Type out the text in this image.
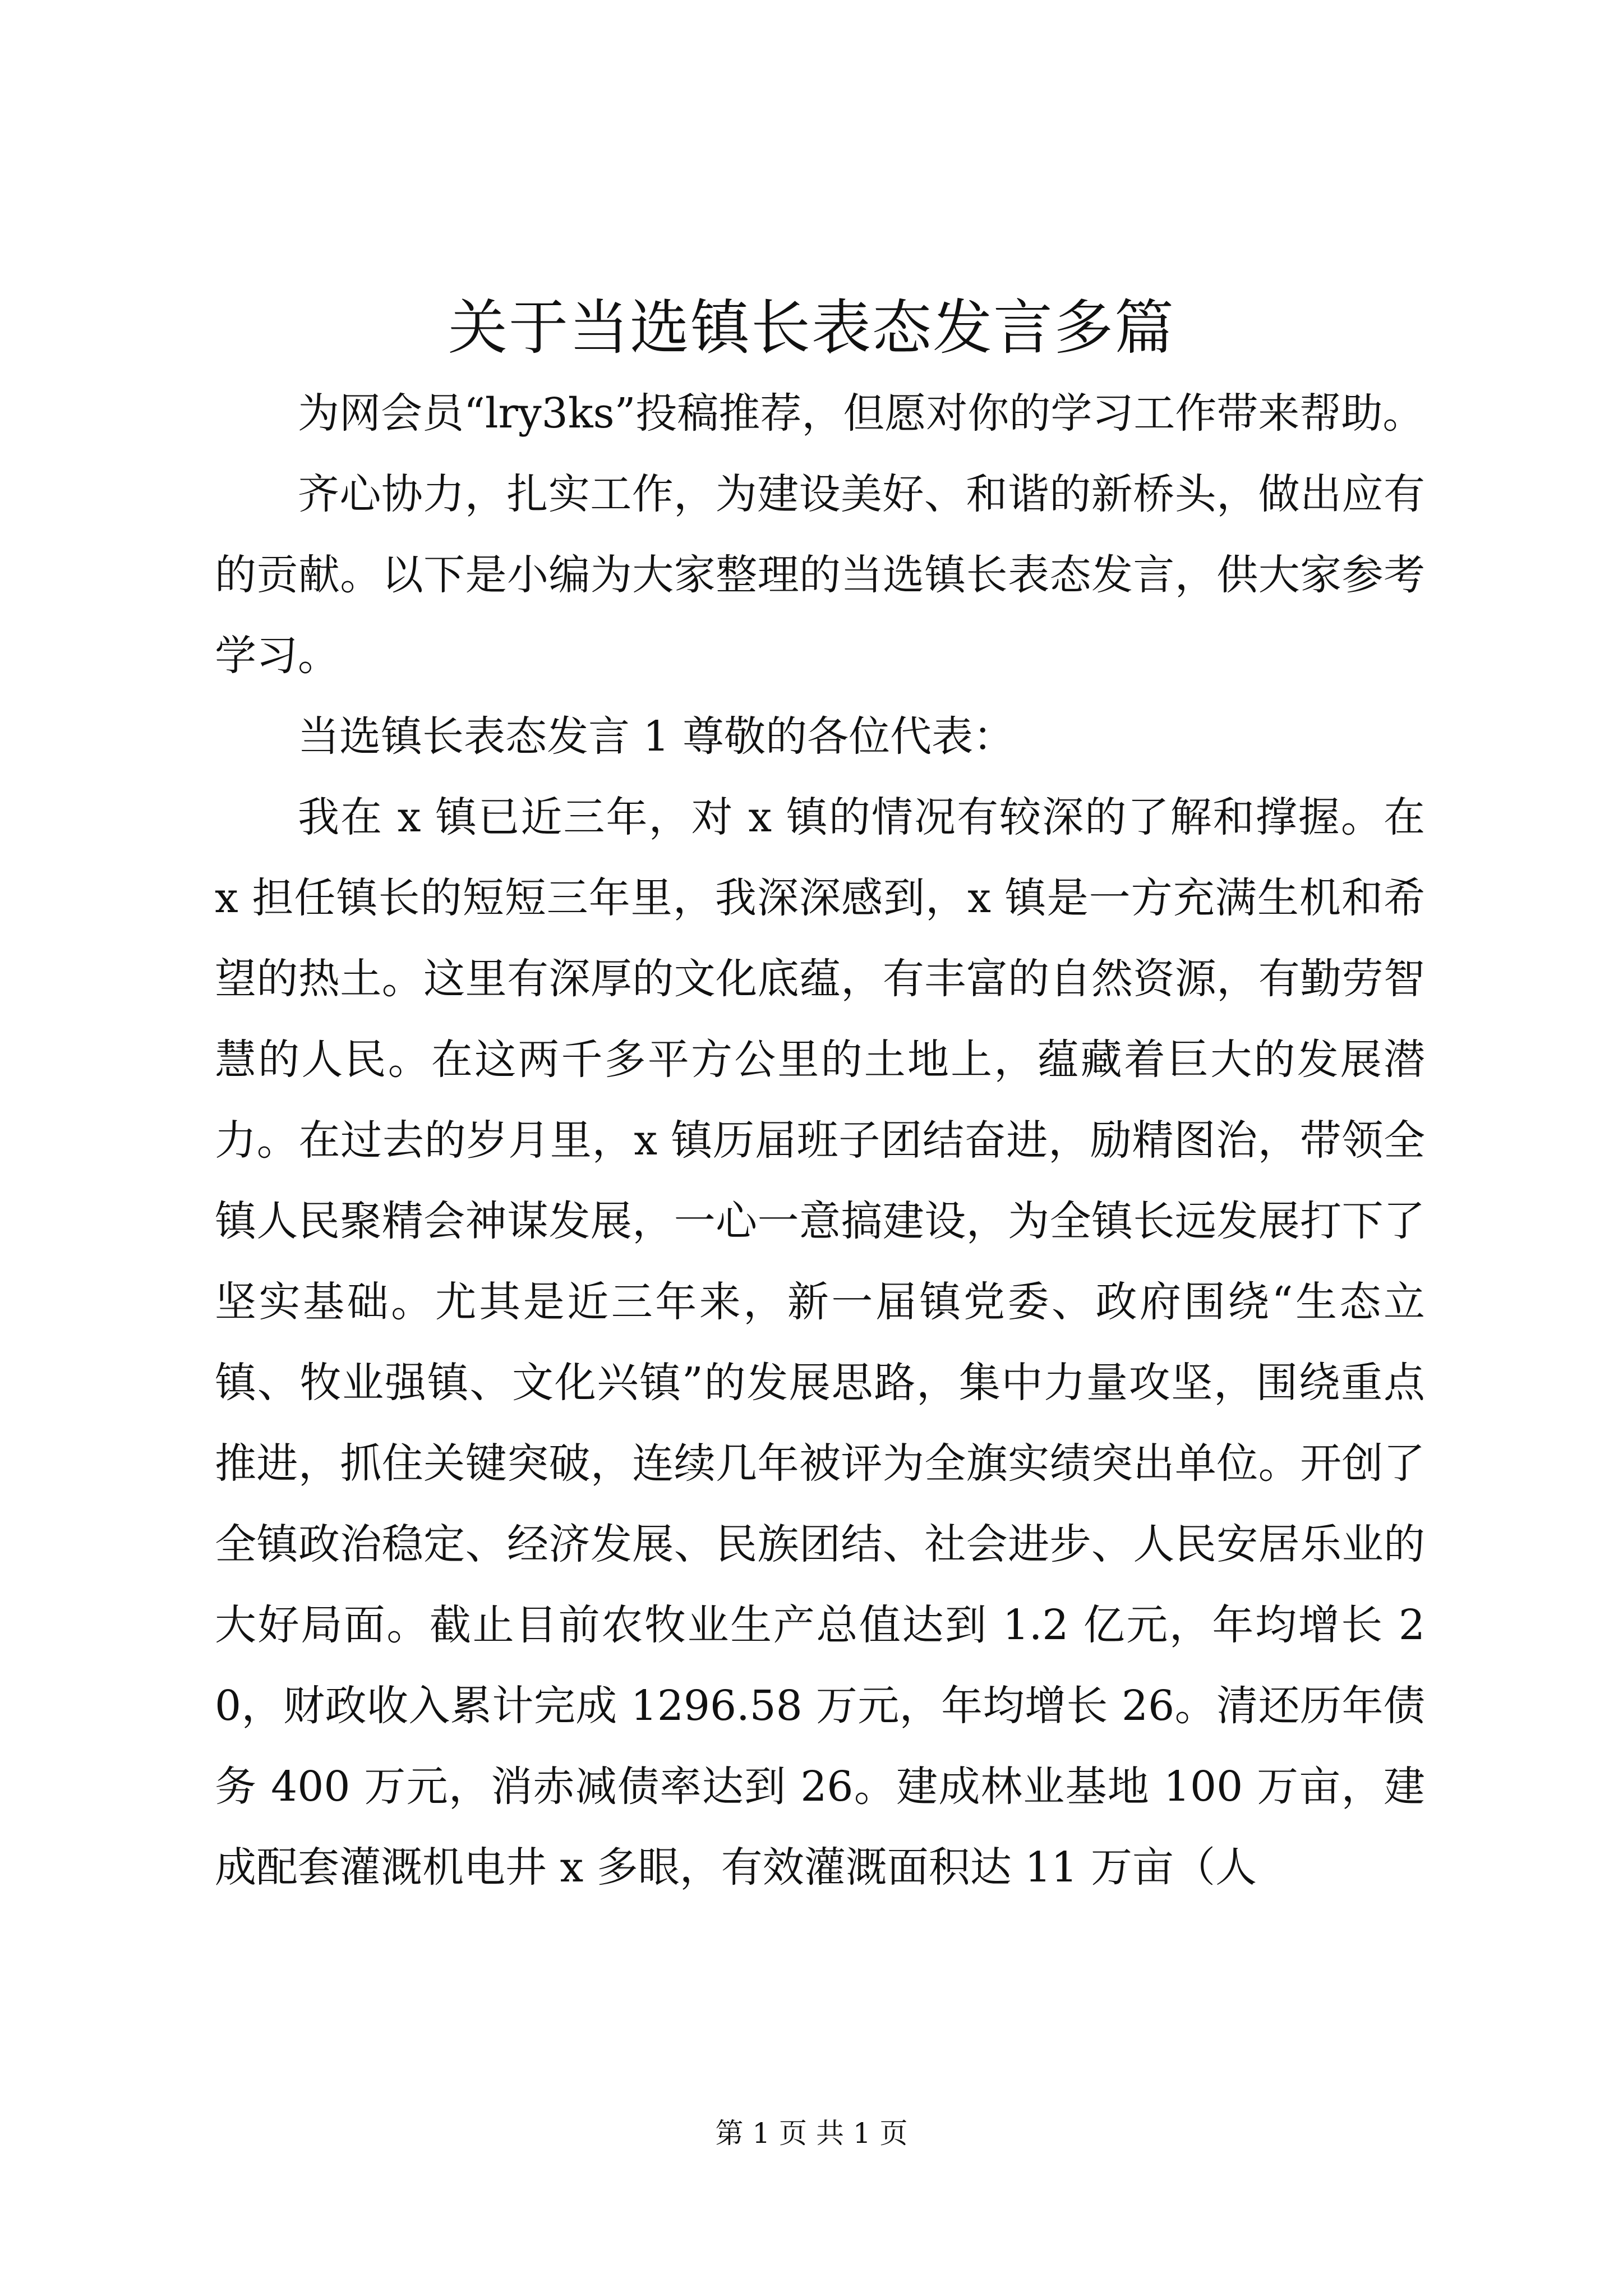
关于当选镇长表态发言多篇

为网会员“lry3ks”投稿推荐，但愿对你的学习工作带来帮助。

齐心协力，扎实工作，为建设美好、和谐的新桥头，做出应有的贡献。以下是小编为大家整理的当选镇长表态发言，供大家参考学习。

当选镇长表态发言 1 尊敬的各位代表：

我在 x 镇已近三年，对 x 镇的情况有较深的了解和撑握。在 x 担任镇长的短短三年里，我深深感到，x 镇是一方充满生机和希望的热土。这里有深厚的文化底蕴，有丰富的自然资源，有勤劳智慧的人民。在这两千多平方公里的土地上，蕴藏着巨大的发展潜力。在过去的岁月里，x 镇历届班子团结奋进，励精图治，带领全镇人民聚精会神谋发展，一心一意搞建设，为全镇长远发展打下了坚实基础。尤其是近三年来，新一届镇党委、政府围绕“生态立镇、牧业强镇、文化兴镇”的发展思路，集中力量攻坚，围绕重点推进，抓住关键突破，连续几年被评为全旗实绩突出单位。开创了全镇政治稳定、经济发展、民族团结、社会进步、人民安居乐业的大好局面。截止目前农牧业生产总值达到 1.2 亿元，年均增长 20，财政收入累计完成 1296.58 万元，年均增长 26。清还历年债务 400 万元，消赤减债率达到 26。建成林业基地 100 万亩，建成配套灌溉机电井 x 多眼，有效灌溉面积达 11 万亩（人

第 1 页 共 1 页
